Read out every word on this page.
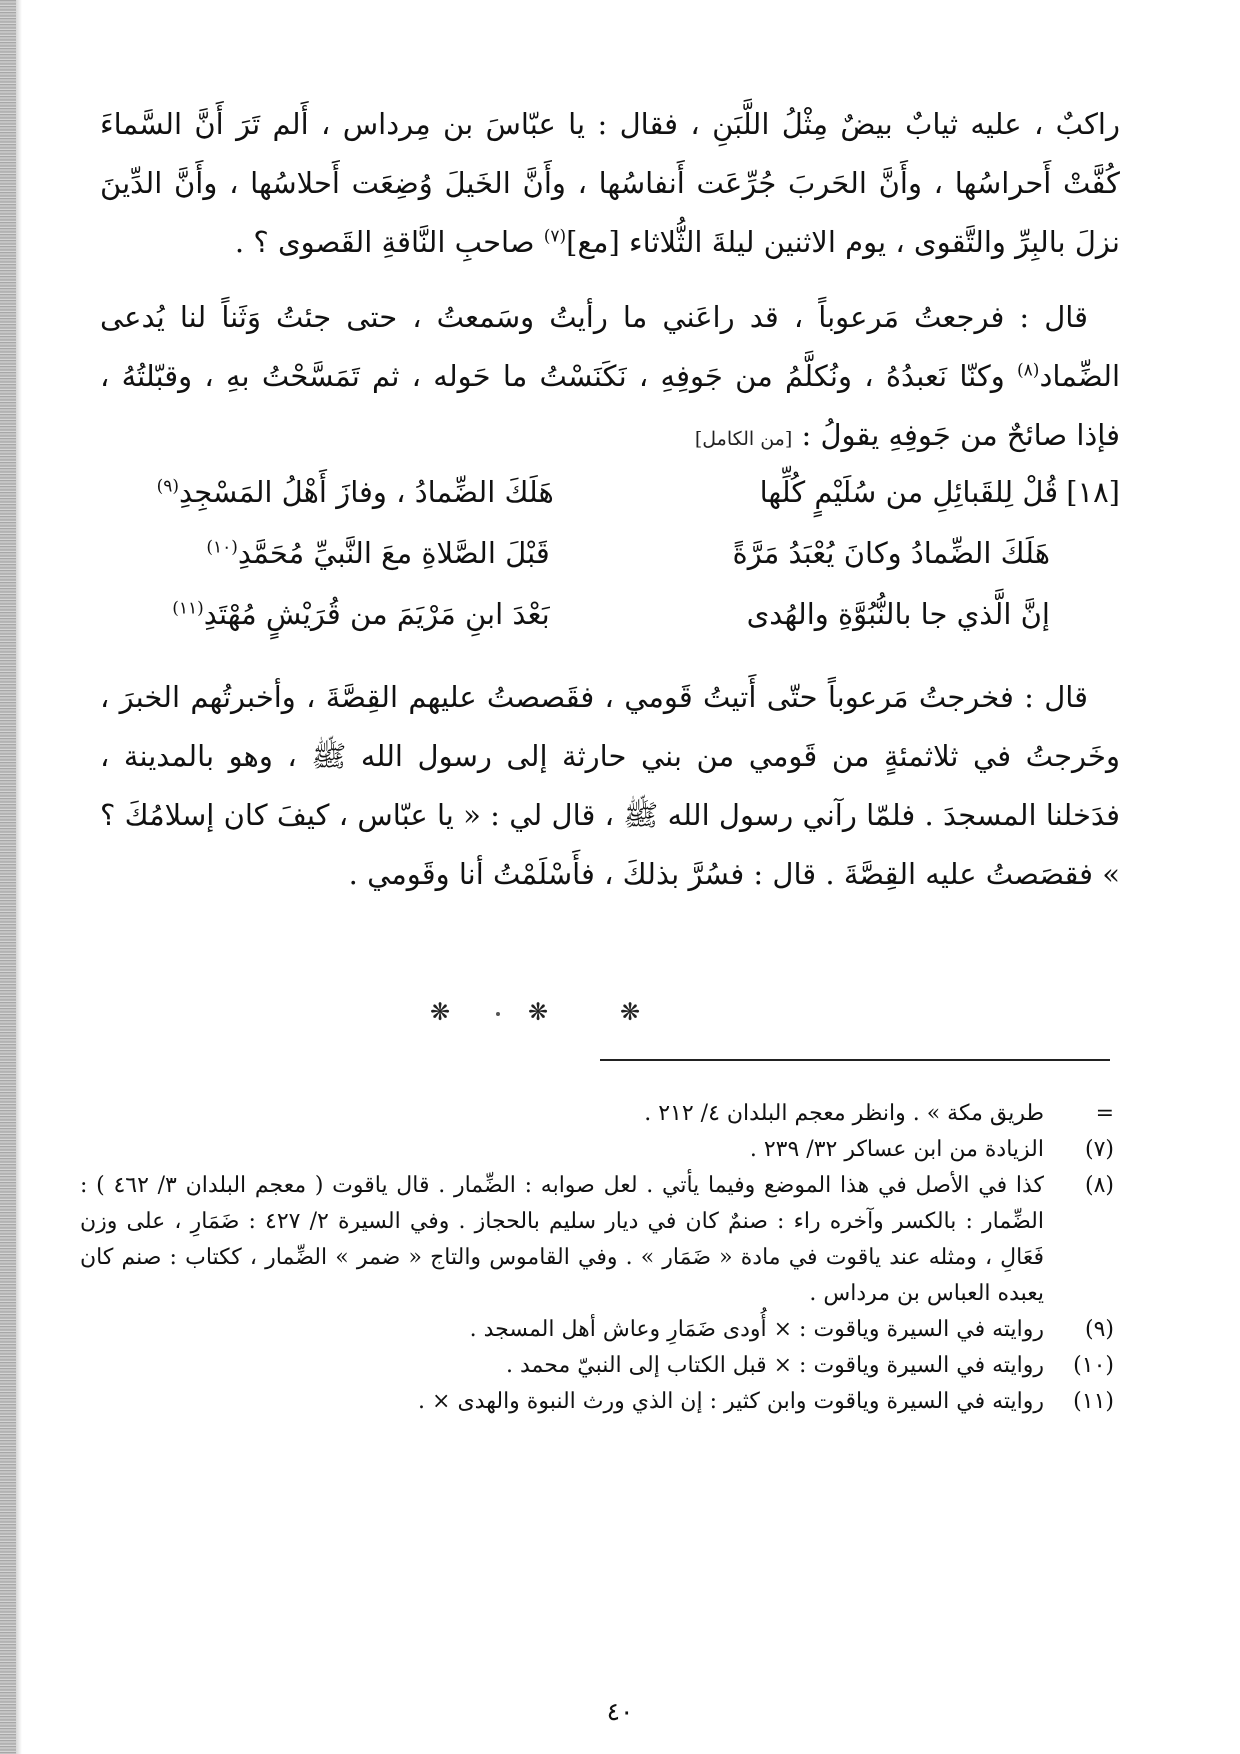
راكبٌ ، عليه ثيابٌ بيضٌ مِثْلُ اللَّبَنِ ، فقال : يا عبّاسَ بن مِرداس ، أَلم تَرَ أَنَّ السَّماءَ كُفَّتْ أَحراسُها ، وأَنَّ الحَربَ جُرِّعَت أَنفاسُها ، وأَنَّ الخَيلَ وُضِعَت أَحلاسُها ، وأَنَّ الدِّينَ نزلَ بالبِرِّ والتَّقوى ، يوم الاثنين ليلةَ الثُّلاثاء [مع]$^{(٧)}$ صاحبِ النَّاقةِ القَصوى ؟ .

قال : فرجعتُ مَرعوباً ، قد راعَني ما رأيتُ وسَمعتُ ، حتى جئتُ وَثَناً لنا يُدعى الضِّماد$^{(٨)}$ وكنّا نَعبدُهُ ، ونُكلَّمُ من جَوفِهِ ، نَكَنَسْتُ ما حَوله ، ثم تَمَسَّحْتُ بهِ ، وقبّلتُهُ ، فإذا صائحٌ من جَوفِهِ يقولُ : [من الكامل]

[١٨]
قُلْ لِلقَبائِلِ من سُلَيْمٍ كُلِّها
هَلَكَ الضِّمادُ ، وفازَ أَهْلُ المَسْجِدِ$^{(٩)}$
هَلَكَ الضِّمادُ وكانَ يُعْبَدُ مَرَّةً
قَبْلَ الصَّلاةِ معَ النَّبيِّ مُحَمَّدِ$^{(١٠)}$
إنَّ الَّذي جا بالنُّبُوَّةِ والهُدى
بَعْدَ ابنِ مَرْيَمَ من قُرَيْشٍ مُهْتَدِ$^{(١١)}$

قال : فخرجتُ مَرعوباً حتّى أَتيتُ قَومي ، فقَصصتُ عليهم القِصَّةَ ، وأخبرتُهم الخبرَ ، وخَرجتُ في ثلاثمئةٍ من قَومي من بني حارثة إلى رسول الله ﷺ ، وهو بالمدينة ، فدَخلنا المسجدَ . فلمّا رآني رسول الله ﷺ ، قال لي : « يا عبّاس ، كيفَ كان إسلامُكَ ؟ » فقصَصتُ عليه القِصَّةَ . قال : فسُرَّ بذلكَ ، فأَسْلَمْتُ أنا وقَومي .

❋	❋	❋
=
طريق مكة » . وانظر معجم البلدان ٤/ ٢١٢ .
(٧)
الزيادة من ابن عساكر ٣٢/ ٢٣٩ .
(٨)
كذا في الأصل في هذا الموضع وفيما يأتي . لعل صوابه : الضِّمار . قال ياقوت ( معجم البلدان ٣/ ٤٦٢ ) : الضِّمار : بالكسر وآخره راء : صنمٌ كان في ديار سليم بالحجاز . وفي السيرة ٢/ ٤٢٧ : ضَمَارِ ، على وزن فَعَالِ ، ومثله عند ياقوت في مادة « ضَمَار » . وفي القاموس والتاج « ضمر » الضِّمار ، ككتاب : صنم كان يعبده العباس بن مرداس .
(٩)
روايته في السيرة وياقوت : × أُودى ضَمَارِ وعاش أهل المسجد .
(١٠)
روايته في السيرة وياقوت : × قبل الكتاب إلى النبيّ محمد .
(١١)
روايته في السيرة وياقوت وابن كثير : إن الذي ورث النبوة والهدى × .
٤٠
